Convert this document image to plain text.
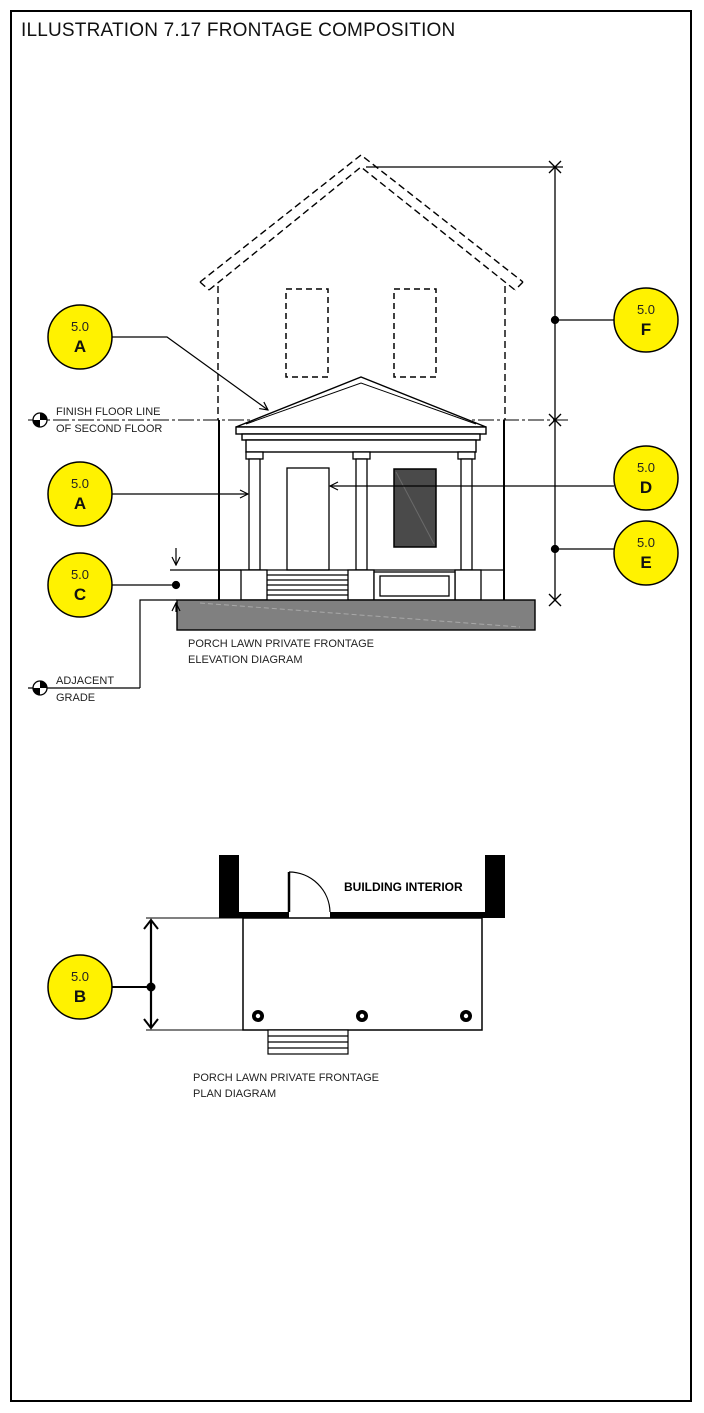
ILLUSTRATION 7.17 FRONTAGE COMPOSITION
FINISH FLOOR LINE
OF SECOND FLOOR
ADJACENT
GRADE
PORCH LAWN PRIVATE FRONTAGE
ELEVATION DIAGRAM
5.0
A
5.0
A
5.0
C
5.0
F
5.0
D
5.0
E
5.0
B
BUILDING INTERIOR
PORCH LAWN PRIVATE FRONTAGE
PLAN DIAGRAM
